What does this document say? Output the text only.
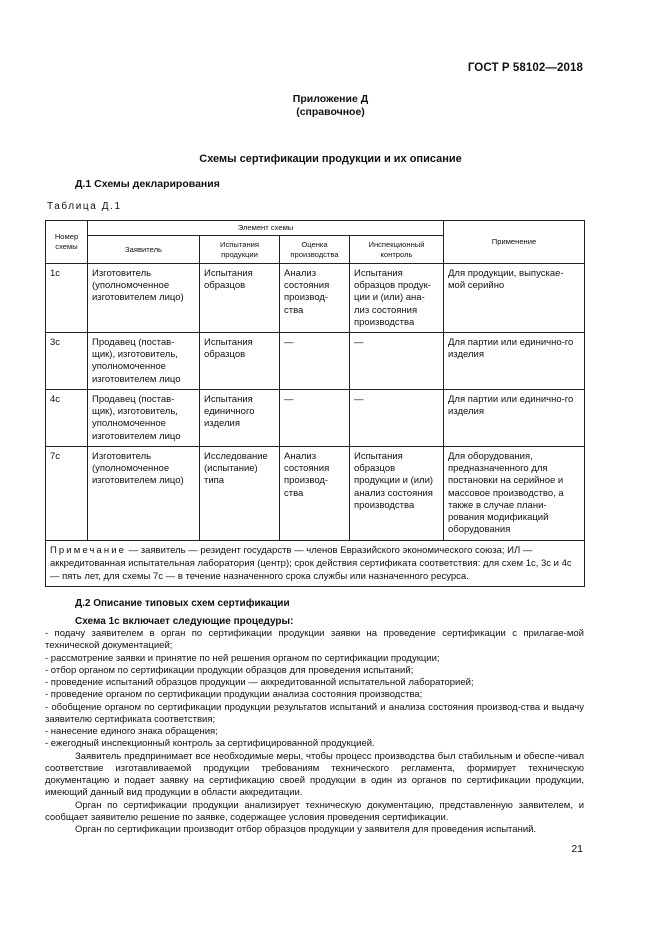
ГОСТ Р 58102—2018
Приложение Д
(справочное)
Схемы сертификации продукции и их описание
Д.1 Схемы декларирования
Таблица Д.1
Номер схемы	Элемент схемы				Применение
	Заявитель	Испытания продукции	Оценка производства	Инспекционный контроль	
1с	Изготовитель (уполномоченное изготовителем лицо)	Испытания образцов	Анализ состояния производ-ства	Испытания образцов продук-ции и (или) ана-лиз состояния производства	Для продукции, выпускае-мой серийно
3с	Продавец (постав-щик), изготовитель, уполномоченное изготовителем лицо	Испытания образцов	—	—	Для партии или единично-го изделия
4с	Продавец (постав-щик), изготовитель, уполномоченное изготовителем лицо	Испытания единичного изделия	—	—	Для партии или единично-го изделия
7с	Изготовитель (уполномоченное изготовителем лицо)	Исследование (испытание) типа	Анализ состояния производ-ства	Испытания образцов продукции и (или) анализ состояния производства	Для оборудования, предназначенного для постановки на серийное и массовое производство, а также в случае плани-рования модификаций оборудования
Примечание — заявитель — резидент государств — членов Евразийского экономического союза; ИЛ — аккредитованная испытательная лаборатория (центр); срок действия сертификата соответствия: для схем 1с, 3с и 4с — пять лет, для схемы 7с — в течение назначенного срока службы или назначенного ресурса.					
Д.2 Описание типовых схем сертификации
Схема 1с включает следующие процедуры:

- подачу заявителем в орган по сертификации продукции заявки на проведение сертификации с прилагае-мой технической документацией;

- рассмотрение заявки и принятие по ней решения органом по сертификации продукции;

- отбор органом по сертификации продукции образцов для проведения испытаний;

- проведение испытаний образцов продукции — аккредитованной испытательной лабораторией;

- проведение органом по сертификации продукции анализа состояния производства;

- обобщение органом по сертификации продукции результатов испытаний и анализа состояния производ-ства и выдачу заявителю сертификата соответствия;

- нанесение единого знака обращения;

- ежегодный инспекционный контроль за сертифицированной продукцией.

Заявитель предпринимает все необходимые меры, чтобы процесс производства был стабильным и обеспе-чивал соответствие изготавливаемой продукции требованиям технического регламента, формирует техническую документацию и подает заявку на сертификацию своей продукции в один из органов по сертификации продукции, имеющий данный вид продукции в области аккредитации.

Орган по сертификации продукции анализирует техническую документацию, представленную заявителем, и сообщает заявителю решение по заявке, содержащее условия проведения сертификации.

Орган по сертификации производит отбор образцов продукции у заявителя для проведения испытаний.

21
